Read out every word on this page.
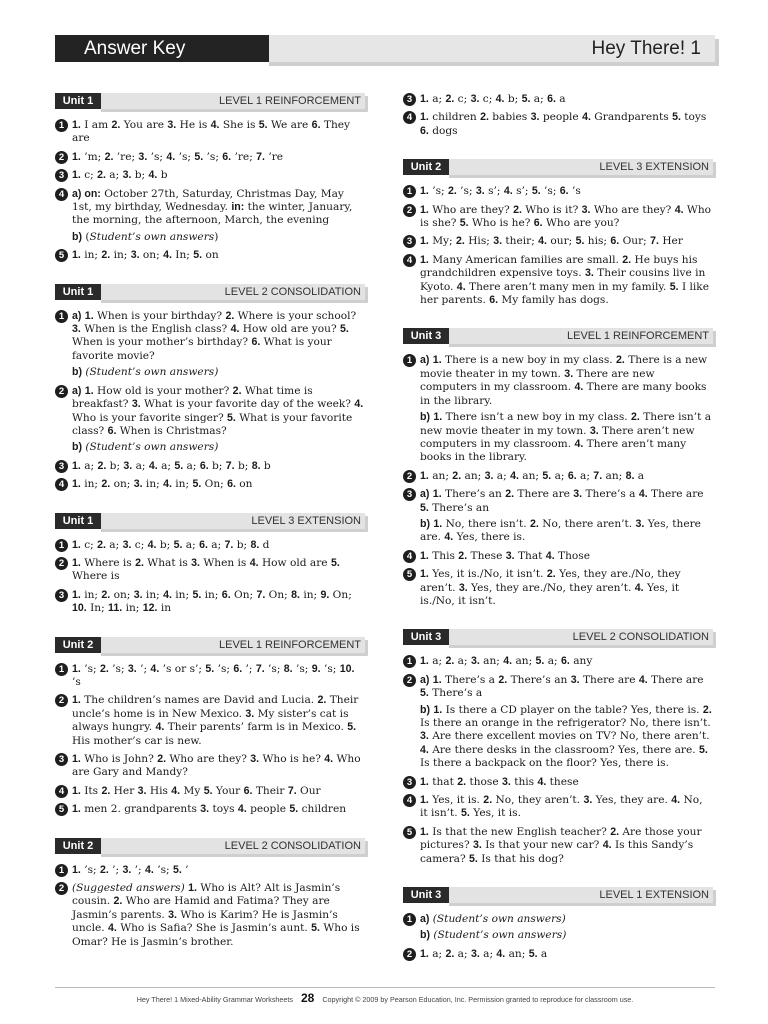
Answer Key	Hey There! 1
Unit 1	LEVEL 1 REINFORCEMENT
1 1. I am 2. You are 3. He is 4. She is 5. We are 6. They are
2 1. ’m; 2. ’re; 3. ’s; 4. ’s; 5. ’s; 6. ’re; 7. ’re
3 1. c; 2. a; 3. b; 4. b
4 a) on: October 27th, Saturday, Christmas Day, May 1st, my birthday, Wednesday. in: the winter, January, the morning, the afternoon, March, the evening
b) (Student’s own answers)
5 1. in; 2. in; 3. on; 4. In; 5. on
Unit 1	LEVEL 2 CONSOLIDATION
1 a) 1. When is your birthday? 2. Where is your school? 3. When is the English class? 4. How old are you? 5. When is your mother’s birthday? 6. What is your favorite movie?
b) (Student’s own answers)
2 a) 1. How old is your mother? 2. What time is breakfast? 3. What is your favorite day of the week? 4. Who is your favorite singer? 5. What is your favorite class? 6. When is Christmas?
b) (Student’s own answers)
3 1. a; 2. b; 3. a; 4. a; 5. a; 6. b; 7. b; 8. b
4 1. in; 2. on; 3. in; 4. in; 5. On; 6. on
Unit 1	LEVEL 3 EXTENSION
1 1. c; 2. a; 3. c; 4. b; 5. a; 6. a; 7. b; 8. d
2 1. Where is 2. What is 3. When is 4. How old are 5. Where is
3 1. in; 2. on; 3. in; 4. in; 5. in; 6. On; 7. On; 8. in; 9. On; 10. In; 11. in; 12. in
Unit 2	LEVEL 1 REINFORCEMENT
1 1. ’s; 2. ’s; 3. ’; 4. ’s or s’; 5. ’s; 6. ’; 7. ’s; 8. ’s; 9. ’s; 10. ’s
2 1. The children’s names are David and Lucia. 2. Their uncle’s home is in New Mexico. 3. My sister’s cat is always hungry. 4. Their parents’ farm is in Mexico. 5. His mother’s car is new.
3 1. Who is John? 2. Who are they? 3. Who is he? 4. Who are Gary and Mandy?
4 1. Its 2. Her 3. His 4. My 5. Your 6. Their 7. Our
5 1. men 2. grandparents 3. toys 4. people 5. children
Unit 2	LEVEL 2 CONSOLIDATION
1 1. ’s; 2. ’; 3. ’; 4. ’s; 5. ’
2 (Suggested answers) 1. Who is Alt? Alt is Jasmin’s cousin. 2. Who are Hamid and Fatima? They are Jasmin’s parents. 3. Who is Karim? He is Jasmin’s uncle. 4. Who is Safia? She is Jasmin’s aunt. 5. Who is Omar? He is Jasmin’s brother.
3 1. a; 2. c; 3. c; 4. b; 5. a; 6. a
4 1. children 2. babies 3. people 4. Grandparents 5. toys 6. dogs
Unit 2	LEVEL 3 EXTENSION
1 1. ’s; 2. ’s; 3. s’; 4. s’; 5. ’s; 6. ’s
2 1. Who are they? 2. Who is it? 3. Who are they? 4. Who is she? 5. Who is he? 6. Who are you?
3 1. My; 2. His; 3. their; 4. our; 5. his; 6. Our; 7. Her
4 1. Many American families are small. 2. He buys his grandchildren expensive toys. 3. Their cousins live in Kyoto. 4. There aren’t many men in my family. 5. I like her parents. 6. My family has dogs.
Unit 3	LEVEL 1 REINFORCEMENT
1 a) 1. There is a new boy in my class. 2. There is a new movie theater in my town. 3. There are new computers in my classroom. 4. There are many books in the library.
b) 1. There isn’t a new boy in my class. 2. There isn’t a new movie theater in my town. 3. There aren’t new computers in my classroom. 4. There aren’t many books in the library.
2 1. an; 2. an; 3. a; 4. an; 5. a; 6. a; 7. an; 8. a
3 a) 1. There’s an 2. There are 3. There’s a 4. There are 5. There’s an
b) 1. No, there isn’t. 2. No, there aren’t. 3. Yes, there are. 4. Yes, there is.
4 1. This 2. These 3. That 4. Those
5 1. Yes, it is./No, it isn’t. 2. Yes, they are./No, they aren’t. 3. Yes, they are./No, they aren’t. 4. Yes, it is./No, it isn’t.
Unit 3	LEVEL 2 CONSOLIDATION
1 1. a; 2. a; 3. an; 4. an; 5. a; 6. any
2 a) 1. There’s a 2. There’s an 3. There are 4. There are 5. There’s a
b) 1. Is there a CD player on the table? Yes, there is. 2. Is there an orange in the refrigerator? No, there isn’t. 3. Are there excellent movies on TV? No, there aren’t. 4. Are there desks in the classroom? Yes, there are. 5. Is there a backpack on the floor? Yes, there is.
3 1. that 2. those 3. this 4. these
4 1. Yes, it is. 2. No, they aren’t. 3. Yes, they are. 4. No, it isn’t. 5. Yes, it is.
5 1. Is that the new English teacher? 2. Are those your pictures? 3. Is that your new car? 4. Is this Sandy’s camera? 5. Is that his dog?
Unit 3	LEVEL 1 EXTENSION
1 a) (Student’s own answers)
b) (Student’s own answers)
2 1. a; 2. a; 3. a; 4. an; 5. a
Hey There! 1 Mixed-Ability Grammar Worksheets 28 Copyright © 2009 by Pearson Education, Inc. Permission granted to reproduce for classroom use.
